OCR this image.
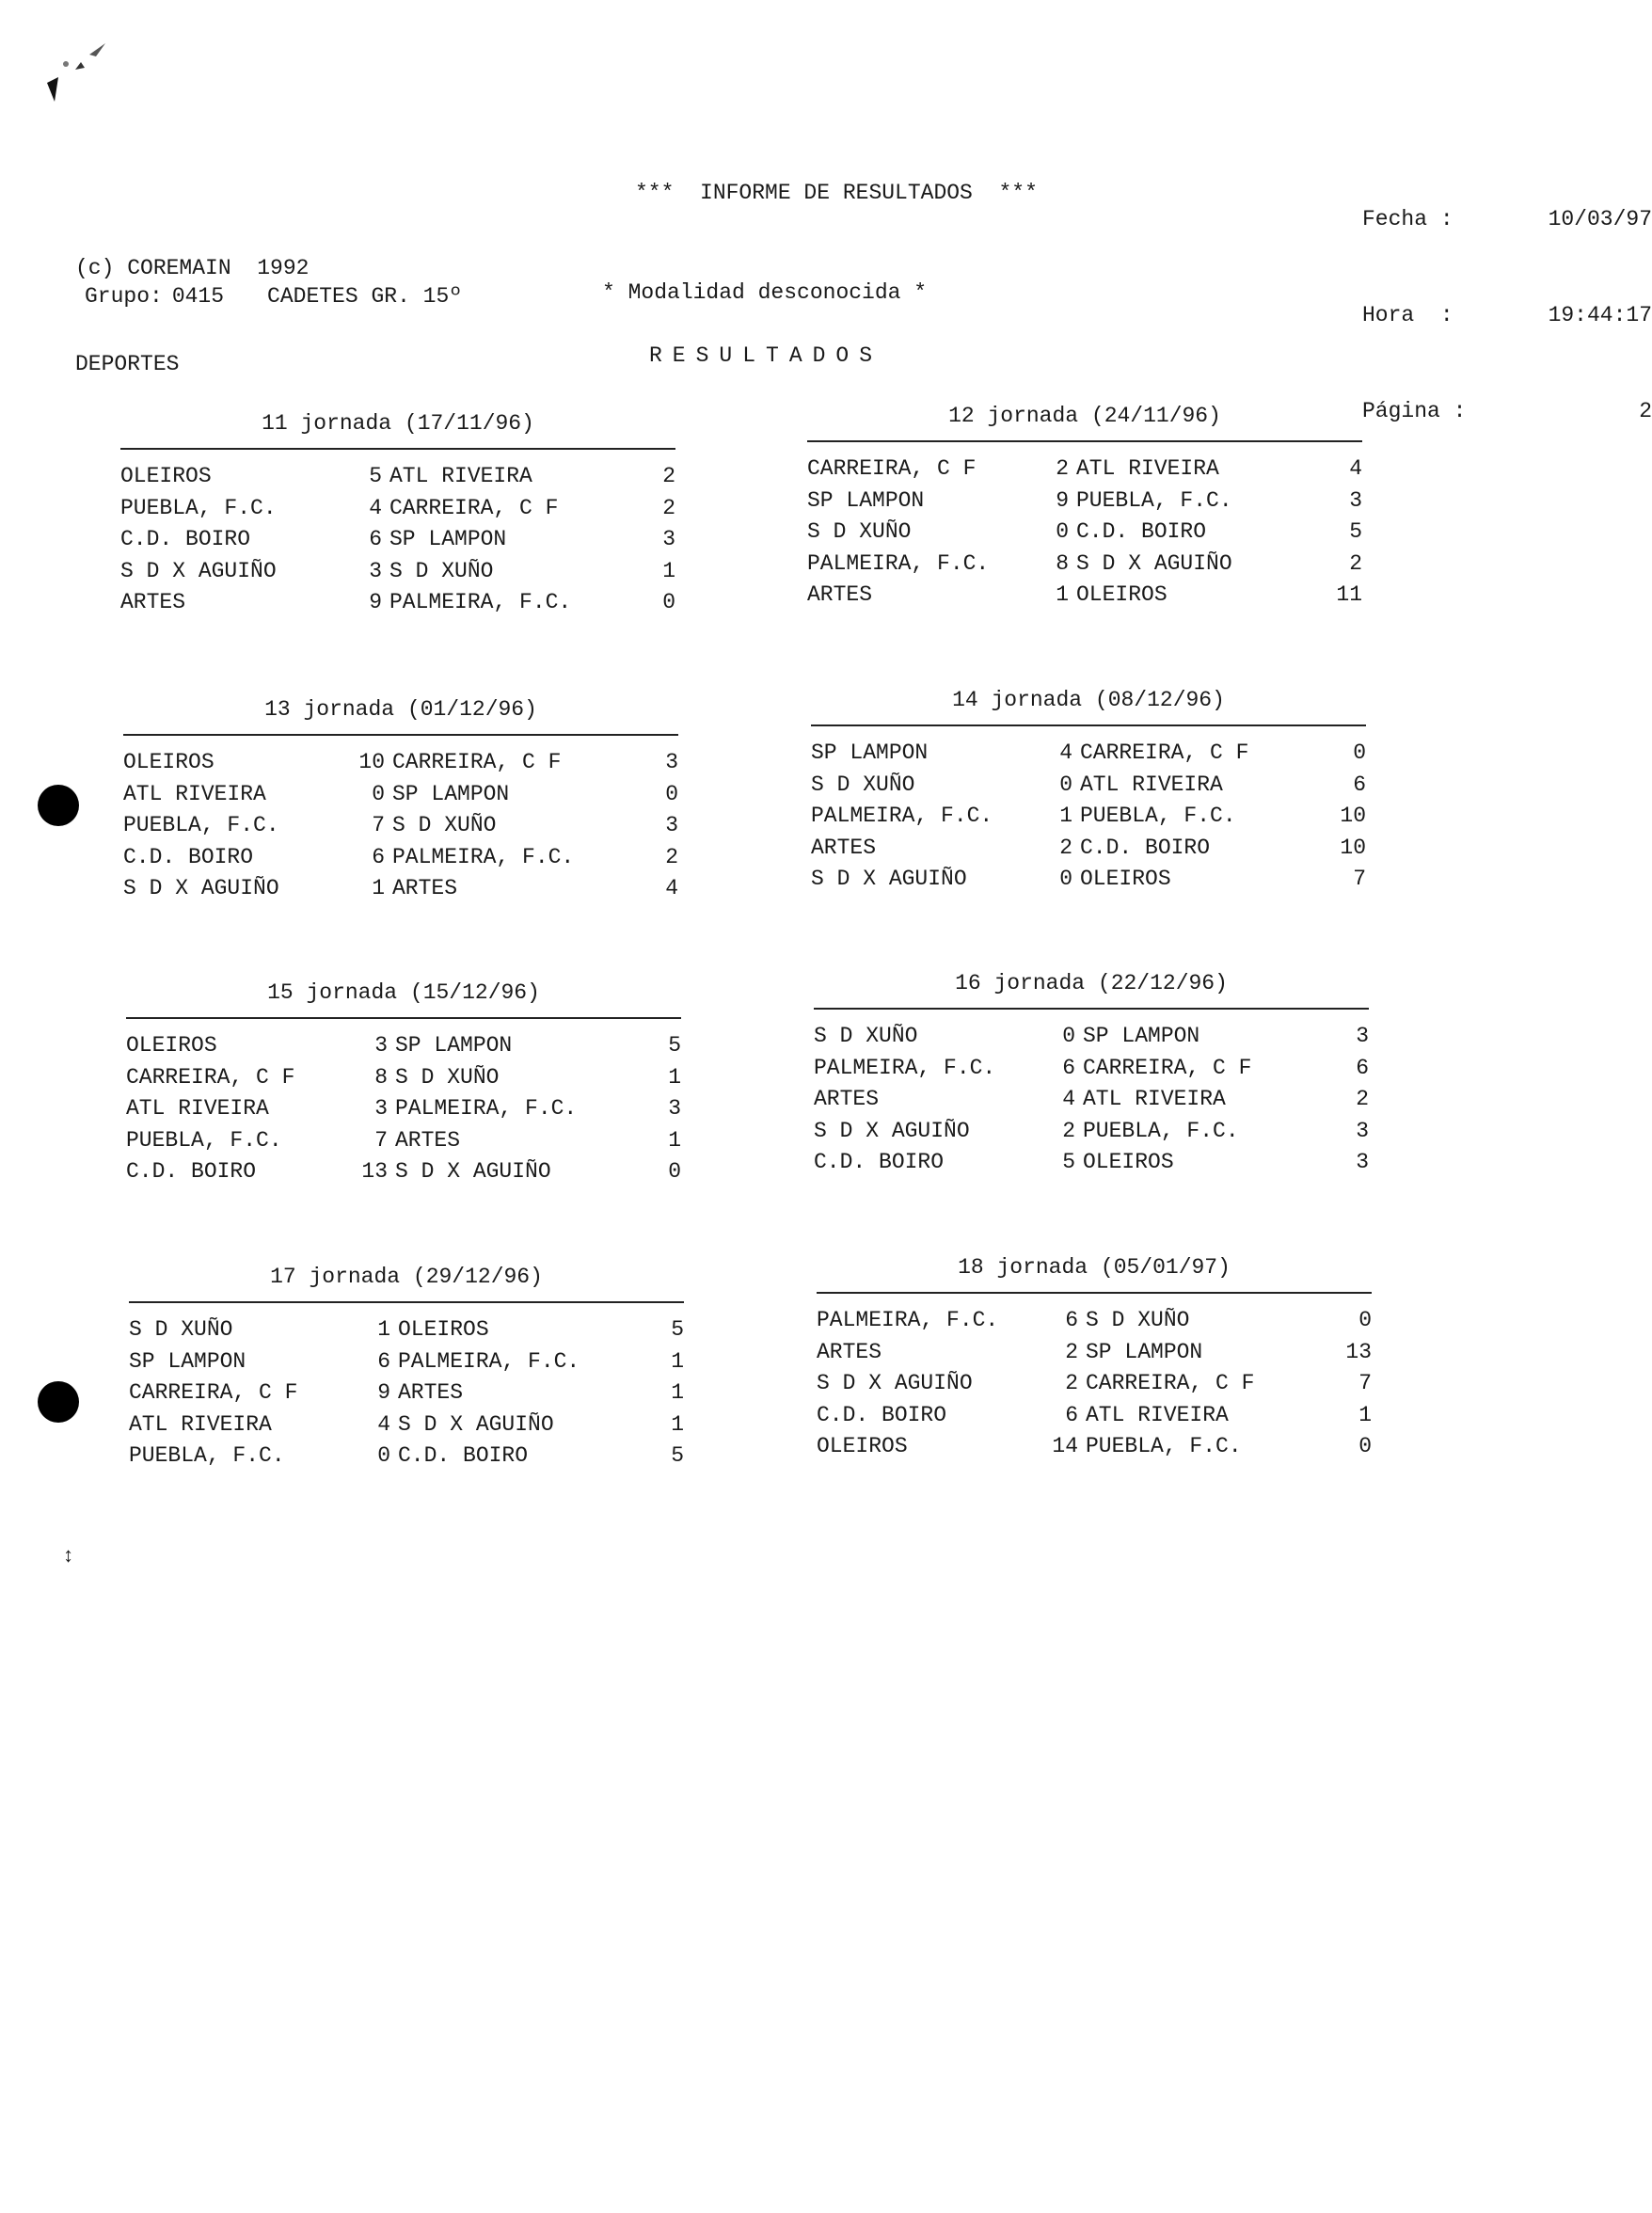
(c) COREMAIN  1992

DEPORTES

***  INFORME DE RESULTADOS  ***

Fecha :	10/03/97

Hora  :	19:44:17

Página :	2

Grupo: 0415 CADETES GR. 15º	* Modalidad desconocida *
RESULTADOS
11 jornada (17/11/96)
OLEIROS	5 ATL RIVEIRA	2
PUEBLA, F.C.	4 CARREIRA, C F	2
C.D. BOIRO	6 SP LAMPON	3
S D X AGUIÑO	3 S D XUÑO	1
ARTES	9 PALMEIRA, F.C.	0
12 jornada (24/11/96)
CARREIRA, C F	2 ATL RIVEIRA	4
SP LAMPON	9 PUEBLA, F.C.	3
S D XUÑO	0 C.D. BOIRO	5
PALMEIRA, F.C.	8 S D X AGUIÑO	2
ARTES	1 OLEIROS	11
13 jornada (01/12/96)
OLEIROS	10 CARREIRA, C F	3
ATL RIVEIRA	0 SP LAMPON	0
PUEBLA, F.C.	7 S D XUÑO	3
C.D. BOIRO	6 PALMEIRA, F.C.	2
S D X AGUIÑO	1 ARTES	4
14 jornada (08/12/96)
SP LAMPON	4 CARREIRA, C F	0
S D XUÑO	0 ATL RIVEIRA	6
PALMEIRA, F.C.	1 PUEBLA, F.C.	10
ARTES	2 C.D. BOIRO	10
S D X AGUIÑO	0 OLEIROS	7
15 jornada (15/12/96)
OLEIROS	3 SP LAMPON	5
CARREIRA, C F	8 S D XUÑO	1
ATL RIVEIRA	3 PALMEIRA, F.C.	3
PUEBLA, F.C.	7 ARTES	1
C.D. BOIRO	13 S D X AGUIÑO	0
16 jornada (22/12/96)
S D XUÑO	0 SP LAMPON	3
PALMEIRA, F.C.	6 CARREIRA, C F	6
ARTES	4 ATL RIVEIRA	2
S D X AGUIÑO	2 PUEBLA, F.C.	3
C.D. BOIRO	5 OLEIROS	3
17 jornada (29/12/96)
S D XUÑO	1 OLEIROS	5
SP LAMPON	6 PALMEIRA, F.C.	1
CARREIRA, C F	9 ARTES	1
ATL RIVEIRA	4 S D X AGUIÑO	1
PUEBLA, F.C.	0 C.D. BOIRO	5
18 jornada (05/01/97)
PALMEIRA, F.C.	6 S D XUÑO	0
ARTES	2 SP LAMPON	13
S D X AGUIÑO	2 CARREIRA, C F	7
C.D. BOIRO	6 ATL RIVEIRA	1
OLEIROS	14 PUEBLA, F.C.	0
↕
